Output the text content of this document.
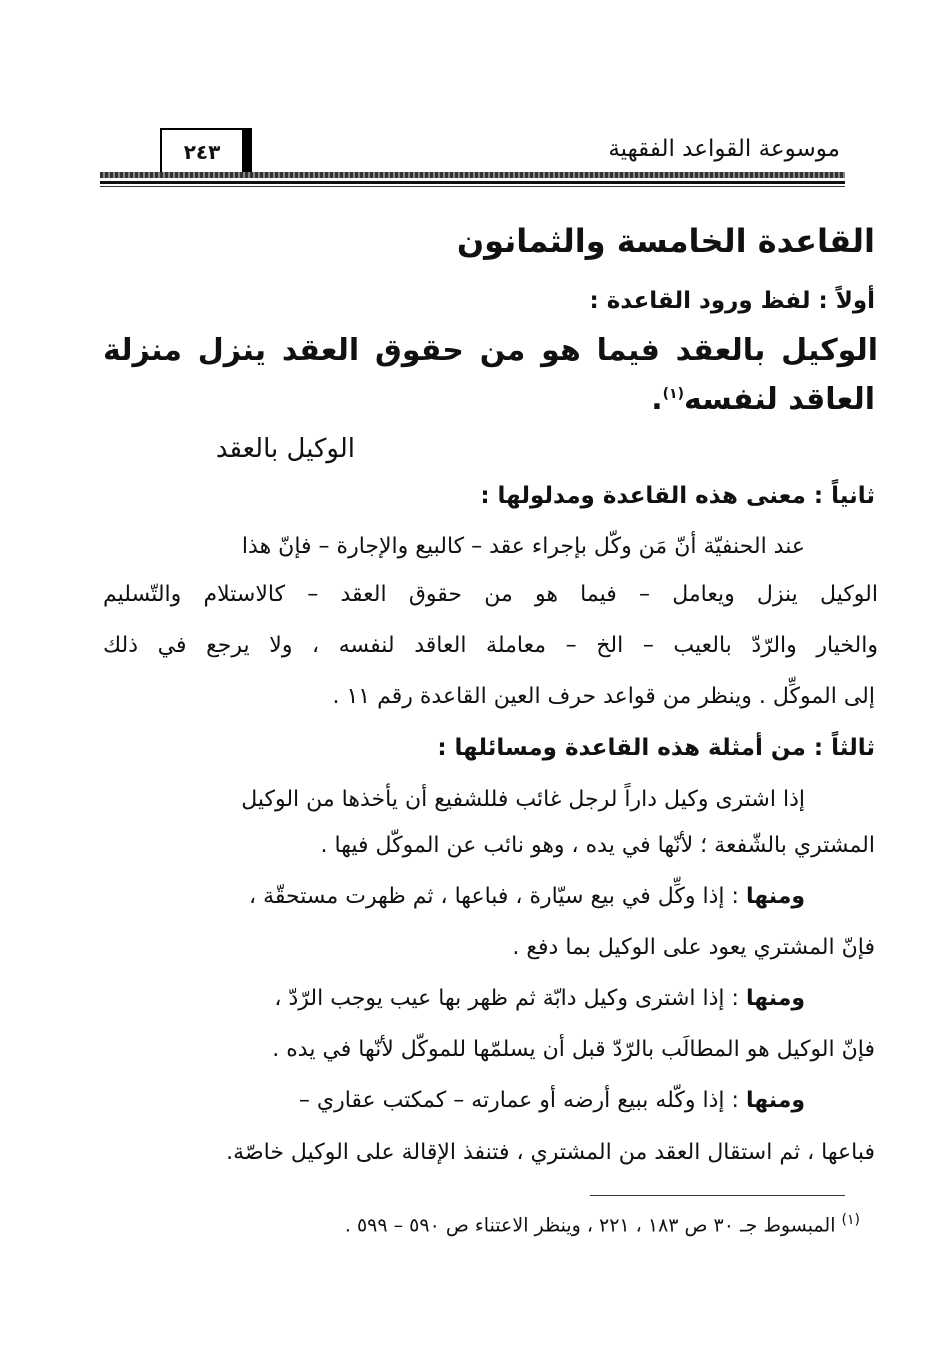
موسوعة القواعد الفقهية
٢٤٣
القاعدة الخامسة والثمانون
أولاً : لفظ ورود القاعدة :
الوكيل بالعقد فيما هو من حقوق العقد ينزل منزلة
العاقد لنفسه$^{(١)}$.
الوكيل بالعقد
ثانياً : معنى هذه القاعدة ومدلولها :
عند الحنفيّة أنّ مَن وكّل بإجراء عقد – كالبيع والإجارة – فإنّ هذا
الوكيل ينزل ويعامل – فيما هو من حقوق العقد – كالاستلام والتّسليم
والخيار والرّدّ بالعيب – الخ – معاملة العاقد لنفسه ، ولا يرجع في ذلك
إلى الموكِّل . وينظر من قواعد حرف العين القاعدة رقم ١١ .
ثالثاً : من أمثلة هذه القاعدة ومسائلها :
إذا اشترى وكيل داراً لرجل غائب فللشفيع أن يأخذها من الوكيل
المشتري بالشّفعة ؛ لأنّها في يده ، وهو نائب عن الموكّل فيها .
ومنها : إذا وكِّل في بيع سيّارة ، فباعها ، ثم ظهرت مستحقّة ،
فإنّ المشتري يعود على الوكيل بما دفع .
ومنها : إذا اشترى وكيل دابّة ثم ظهر بها عيب يوجب الرّدّ ،
فإنّ الوكيل هو المطالَب بالرّدّ قبل أن يسلمّها للموكّل لأنّها في يده .
ومنها : إذا وكّله ببيع أرضه أو عمارته – كمكتب عقاري –
فباعها ، ثم استقال العقد من المشتري ، فتنفذ الإقالة على الوكيل خاصّة.
$^{(١)}$ المبسوط جـ ٣٠ ص ١٨٣ ، ٢٢١ ، وينظر الاعتناء ص ٥٩٠ – ٥٩٩ .
